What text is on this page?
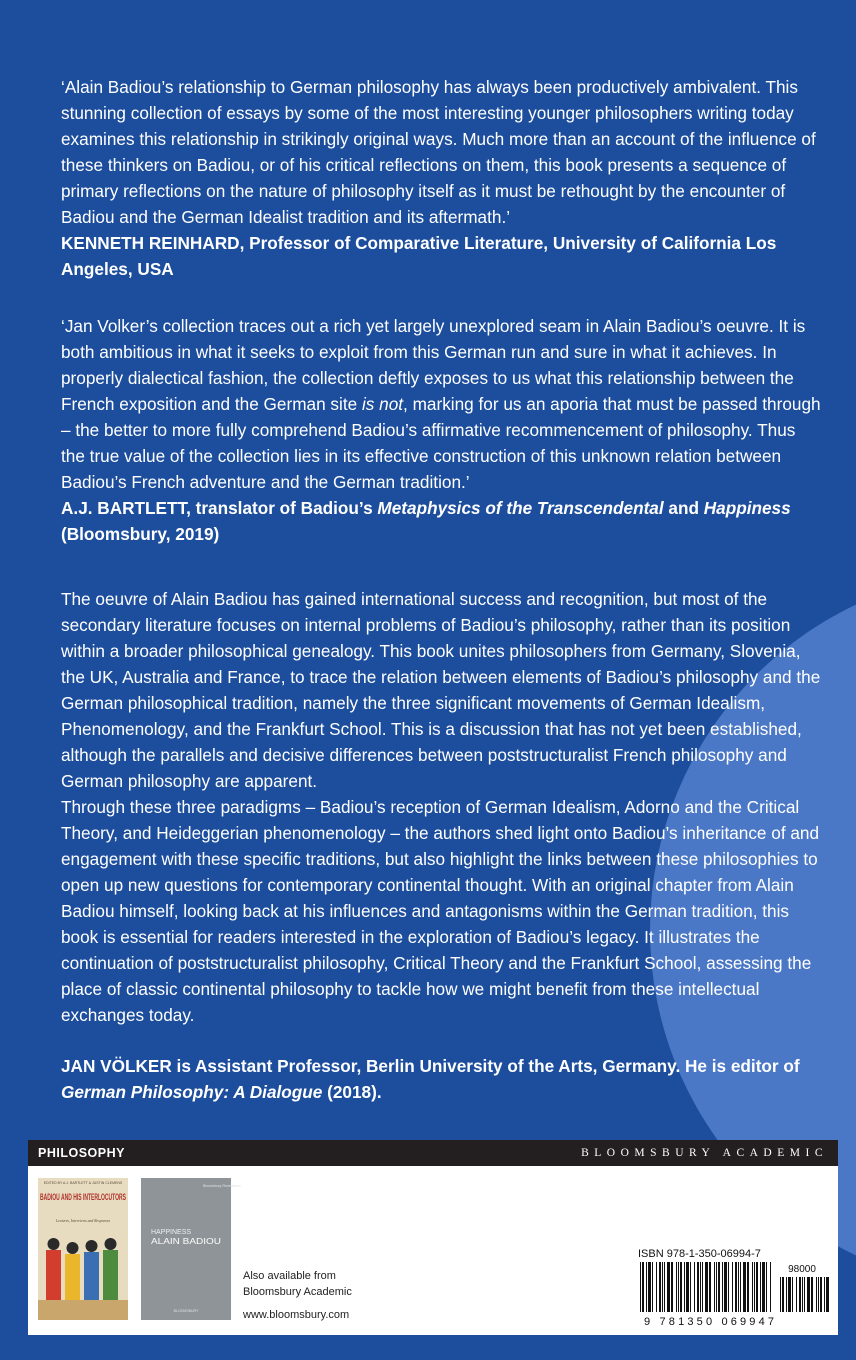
‘Alain Badiou’s relationship to German philosophy has always been productively ambivalent. This stunning collection of essays by some of the most interesting younger philosophers writing today examines this relationship in strikingly original ways. Much more than an account of the influence of these thinkers on Badiou, or of his critical reflections on them, this book presents a sequence of primary reflections on the nature of philosophy itself as it must be rethought by the encounter of Badiou and the German Idealist tradition and its aftermath.’

KENNETH REINHARD, Professor of Comparative Literature, University of California Los Angeles, USA

‘Jan Volker’s collection traces out a rich yet largely unexplored seam in Alain Badiou’s oeuvre. It is both ambitious in what it seeks to exploit from this German run and sure in what it achieves. In properly dialectical fashion, the collection deftly exposes to us what this relationship between the French exposition and the German site is not, marking for us an aporia that must be passed through – the better to more fully comprehend Badiou’s affirmative recommencement of philosophy. Thus the true value of the collection lies in its effective construction of this unknown relation between Badiou’s French adventure and the German tradition.’

A.J. BARTLETT, translator of Badiou’s Metaphysics of the Transcendental and Happiness (Bloomsbury, 2019)

The oeuvre of Alain Badiou has gained international success and recognition, but most of the secondary literature focuses on internal problems of Badiou’s philosophy, rather than its position within a broader philosophical genealogy. This book unites philosophers from Germany, Slovenia, the UK, Australia and France, to trace the relation between elements of Badiou’s philosophy and the German philosophical tradition, namely the three significant movements of German Idealism, Phenomenology, and the Frankfurt School. This is a discussion that has not yet been established, although the parallels and decisive differences between poststructuralist French philosophy and German philosophy are apparent.

Through these three paradigms – Badiou’s reception of German Idealism, Adorno and the Critical Theory, and Heideggerian phenomenology – the authors shed light onto Badiou’s inheritance of and engagement with these specific traditions, but also highlight the links between these philosophies to open up new questions for contemporary continental thought. With an original chapter from Alain Badiou himself, looking back at his influences and antagonisms within the German tradition, this book is essential for readers interested in the exploration of Badiou’s legacy. It illustrates the continuation of poststructuralist philosophy, Critical Theory and the Frankfurt School, assessing the place of classic continental philosophy to tackle how we might benefit from these intellectual exchanges today.

JAN VÖLKER is Assistant Professor, Berlin University of the Arts, Germany. He is editor of German Philosophy: A Dialogue (2018).
PHILOSOPHY	BLOOMSBURY ACADEMIC
EDITED BY A.J. BARTLETT & JUSTIN CLEMENS
BADIOU AND HIS INTERLOCUTORS
Lectures, Interviews and Responses
Bloomsbury Revelations
HAPPINESS
ALAIN BADIOU
BLOOMSBURY
Also available from
Bloomsbury Academic
www.bloomsbury.com
ISBN 978-1-350-06994-7
98000
9 781350 069947
